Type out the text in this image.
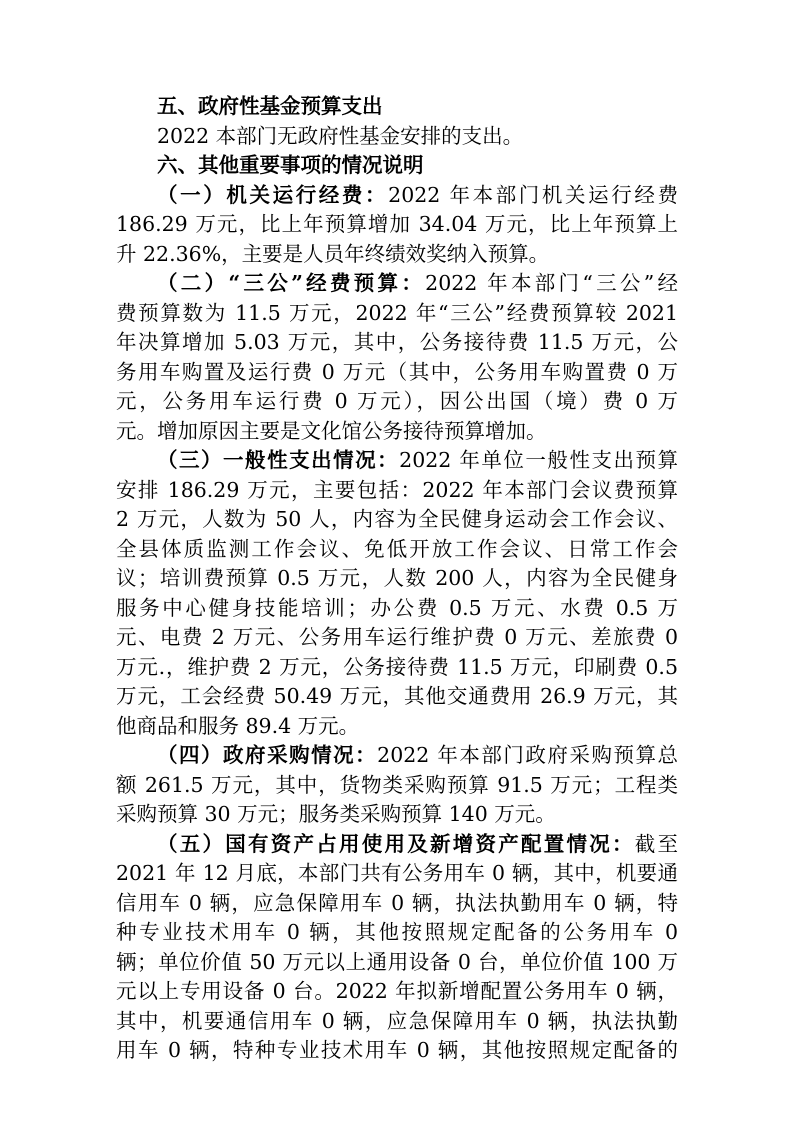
五、政府性基金预算支出
2022 本部门无政府性基金安排的支出。
六、其他重要事项的情况说明
（一）机关运行经费：2022 年本部门机关运行经费
186.29 万元，比上年预算增加 34.04 万元，比上年预算上
升 22.36%，主要是人员年终绩效奖纳入预算。
（二）“三公”经费预算：2022 年本部门“三公”经
费预算数为 11.5 万元，2022 年“三公”经费预算较 2021
年决算增加 5.03 万元，其中，公务接待费 11.5 万元，公
务用车购置及运行费 0 万元（其中，公务用车购置费 0 万
元，公务用车运行费 0 万元），因公出国（境）费 0 万
元。增加原因主要是文化馆公务接待预算增加。
（三）一般性支出情况：2022 年单位一般性支出预算
安排 186.29 万元，主要包括：2022 年本部门会议费预算
2 万元，人数为 50 人，内容为全民健身运动会工作会议、
全县体质监测工作会议、免低开放工作会议、日常工作会
议；培训费预算 0.5 万元，人数 200 人，内容为全民健身
服务中心健身技能培训；办公费 0.5 万元、水费 0.5 万
元、电费 2 万元、公务用车运行维护费 0 万元、差旅费 0
万元.，维护费 2 万元，公务接待费 11.5 万元，印刷费 0.5
万元，工会经费 50.49 万元，其他交通费用 26.9 万元，其
他商品和服务 89.4 万元。
（四）政府采购情况：2022 年本部门政府采购预算总
额 261.5 万元，其中，货物类采购预算 91.5 万元；工程类
采购预算 30 万元；服务类采购预算 140 万元。
（五）国有资产占用使用及新增资产配置情况：截至
2021 年 12 月底，本部门共有公务用车 0 辆，其中，机要通
信用车 0 辆，应急保障用车 0 辆，执法执勤用车 0 辆，特
种专业技术用车 0 辆，其他按照规定配备的公务用车 0
辆；单位价值 50 万元以上通用设备 0 台，单位价值 100 万
元以上专用设备 0 台。2022 年拟新增配置公务用车 0 辆，
其中，机要通信用车 0 辆，应急保障用车 0 辆，执法执勤
用车 0 辆，特种专业技术用车 0 辆，其他按照规定配备的
